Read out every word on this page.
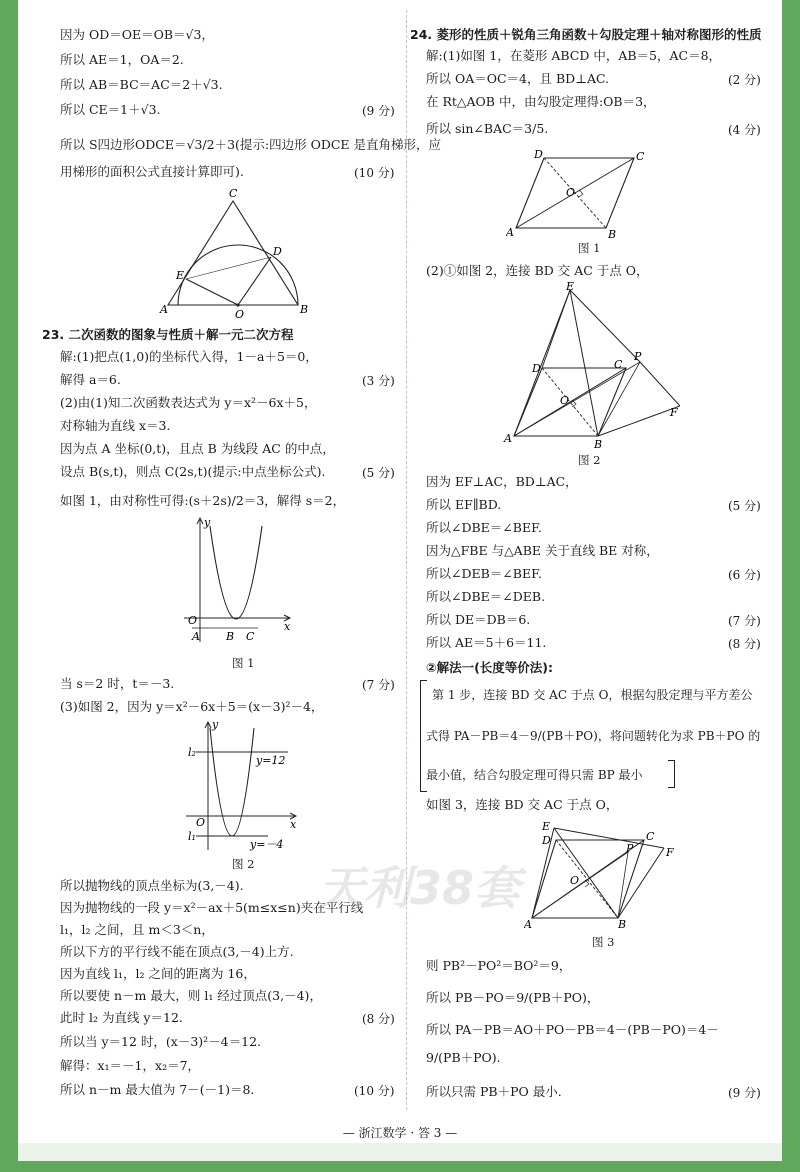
因为 OD＝OE＝OB＝√3，
所以 AE＝1，OA＝2.
所以 AB＝BC＝AC＝2＋√3.
所以 CE＝1＋√3.	(9 分)
所以 S四边形ODCE＝√3/2＋3(提示:四边形 ODCE 是直角梯形，应
用梯形的面积公式直接计算即可).	(10 分)
C
D
E
A	O	B
23. 二次函数的图象与性质＋解一元二次方程
解:(1)把点(1,0)的坐标代入得，1－a＋5＝0，
解得 a＝6.	(3 分)
(2)由(1)知二次函数表达式为 y＝x²－6x＋5，
对称轴为直线 x＝3.
因为点 A 坐标(0,t)，且点 B 为线段 AC 的中点，
设点 B(s,t)，则点 C(2s,t)(提示:中点坐标公式).	(5 分)
如图 1，由对称性可得:(s＋2s)/2＝3，解得 s＝2，
y
O	x
A B C
图 1
当 s＝2 时，t＝－3.	(7 分)
(3)如图 2，因为 y＝x²－6x＋5＝(x－3)²－4，
y
l₂
y=12
O	x
l₁
y=－4
图 2
所以抛物线的顶点坐标为(3,－4).
因为抛物线的一段 y＝x²－ax＋5(m≤x≤n)夹在平行线
l₁，l₂ 之间，且 m＜3＜n，
所以下方的平行线不能在顶点(3,－4)上方.
因为直线 l₁，l₂ 之间的距离为 16，
所以要使 n－m 最大，则 l₁ 经过顶点(3,－4)，
此时 l₂ 为直线 y＝12.	(8 分)
所以当 y＝12 时，(x－3)²－4＝12.
解得：x₁＝－1，x₂＝7，
所以 n－m 最大值为 7－(－1)＝8.	(10 分)
24. 菱形的性质＋锐角三角函数＋勾股定理＋轴对称图形的性质
解:(1)如图 1，在菱形 ABCD 中，AB＝5，AC＝8，
所以 OA＝OC＝4，且 BD⊥AC.	(2 分)
在 Rt△AOB 中，由勾股定理得:OB＝3，
所以 sin∠BAC＝3/5.	(4 分)
D	C
O
A	B
图 1
(2)①如图 2，连接 BD 交 AC 于点 O，
E
D	C
P
O
F
A	B
图 2
因为 EF⊥AC，BD⊥AC，
所以 EF∥BD.	(5 分)
所以∠DBE＝∠BEF.
因为△FBE 与△ABE 关于直线 BE 对称，
所以∠DEB＝∠BEF.	(6 分)
所以∠DBE＝∠DEB.
所以 DE＝DB＝6.	(7 分)
所以 AE＝5＋6＝11.	(8 分)
②解法一(长度等价法):
第 1 步，连接 BD 交 AC 于点 O，根据勾股定理与平方差公
式得 PA－PB＝4－9/(PB＋PO)，将问题转化为求 PB＋PO 的
最小值，结合勾股定理可得只需 BP 最小
如图 3，连接 BD 交 AC 于点 O，
E
D	C
P	F
O
A	B
图 3
则 PB²－PO²＝BO²＝9，
所以 PB－PO＝9/(PB＋PO)，
所以 PA－PB＝AO＋PO－PB＝4－(PB－PO)＝4－
9/(PB＋PO).
所以只需 PB＋PO 最小.	(9 分)
天利38套
— 浙江数学 · 答 3 —
